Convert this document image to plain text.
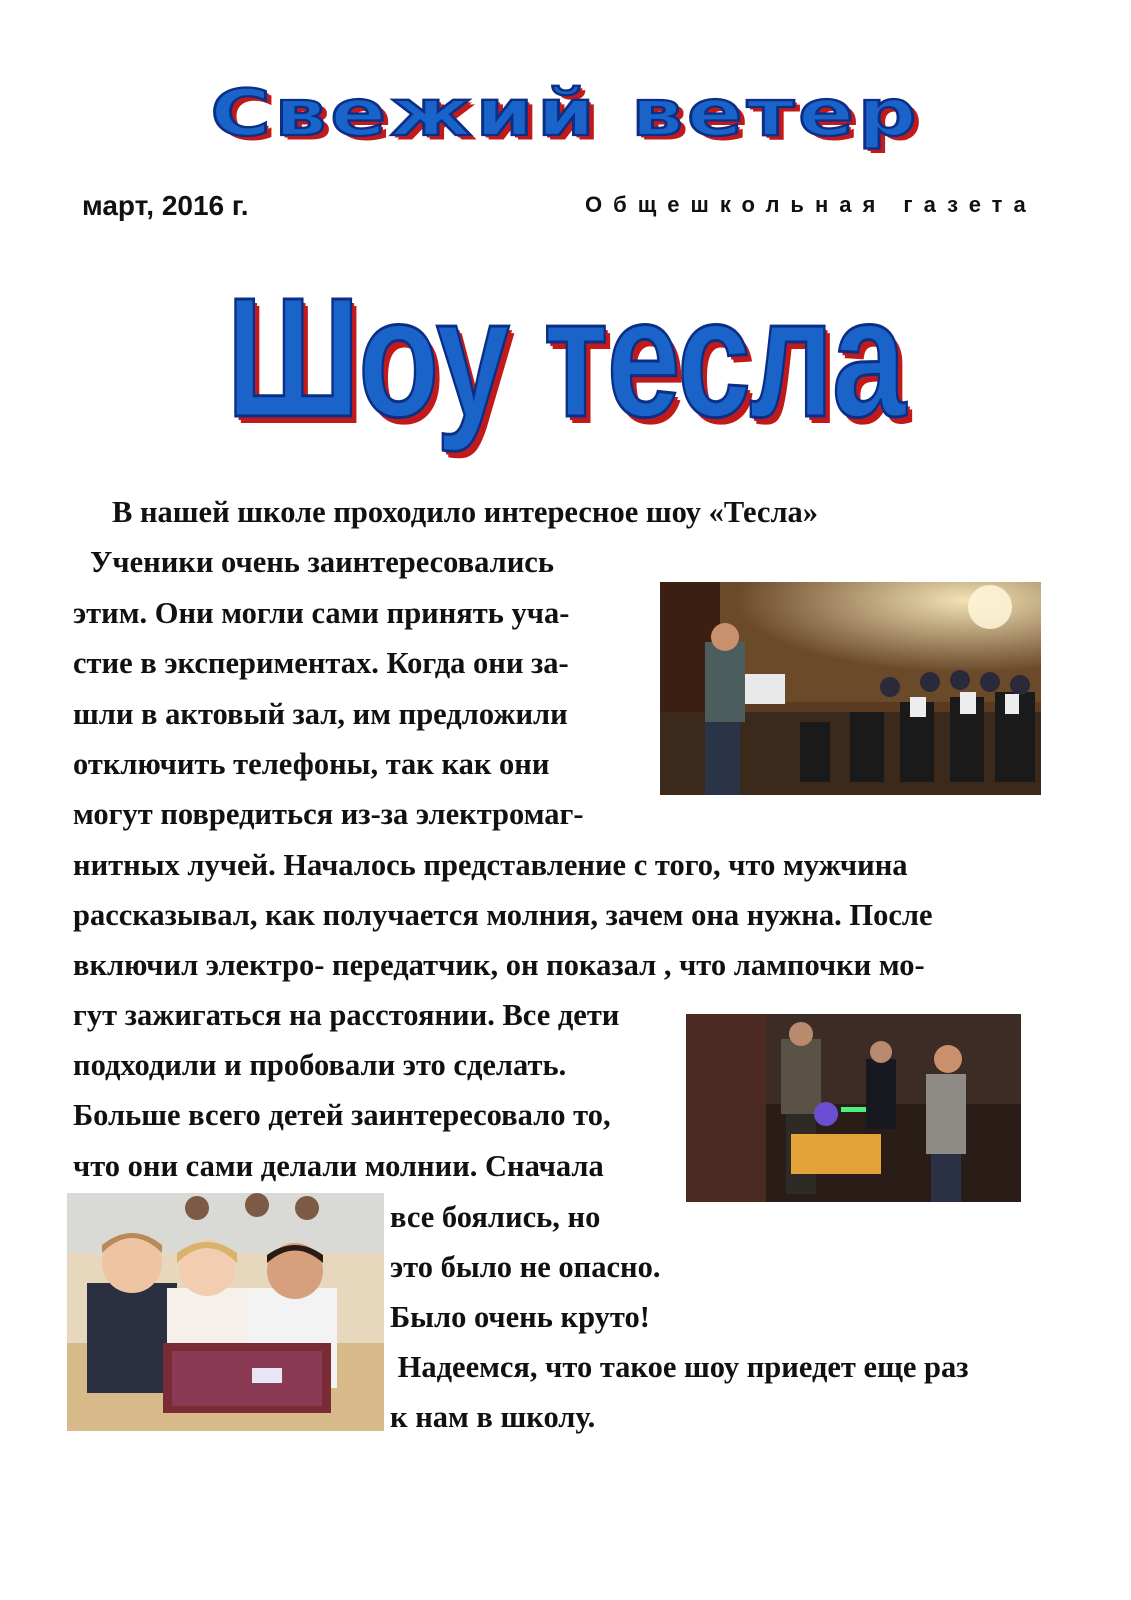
Свежий ветер
март, 2016 г.	Общешкольная газета
Шоу тесла
В нашей школе проходило интересное шоу «Тесла»
Ученики очень заинтересовались
этим. Они могли сами принять уча-
стие в экспериментах. Когда они за-
шли в актовый зал, им предложили
отключить телефоны, так как они
могут повредиться из-за электромаг-
нитных лучей. Началось представление с того, что мужчина
рассказывал, как получается молния, зачем она нужна. После
включил электро- передатчик, он показал , что лампочки мо-
гут зажигаться на расстоянии. Все дети
подходили и пробовали это сделать.
Больше всего детей заинтересовало то,
что они сами делали молнии. Сначала
все боялись, но
это было не опасно.
Было очень круто!
Надеемся, что такое шоу приедет еще раз
к нам в школу.
